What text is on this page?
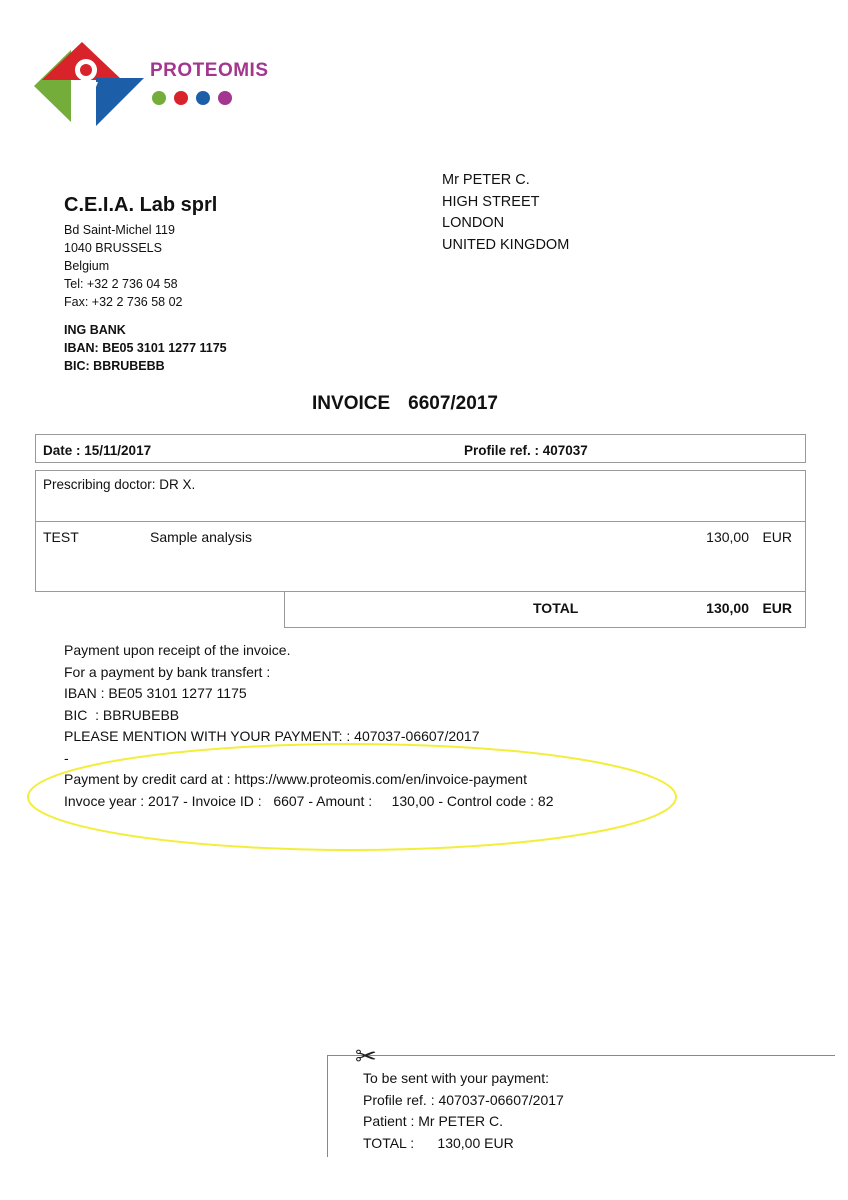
PROTEOMIS
C.E.I.A. Lab sprl
Bd Saint-Michel 119
1040 BRUSSELS
Belgium
Tel: +32 2 736 04 58
Fax: +32 2 736 58 02
ING BANK
IBAN: BE05 3101 1277 1175
BIC: BBRUBEBB
Mr PETER C.
HIGH STREET
LONDON
UNITED KINGDOM
INVOICE 6607/2017
Date : 15/11/2017	Profile ref. : 407037
Prescribing doctor: DR X.
TEST	Sample analysis	130,00 EUR
TOTAL	130,00 EUR
Payment upon receipt of the invoice.
For a payment by bank transfert :
IBAN : BE05 3101 1277 1175
BIC  : BBRUBEBB
PLEASE MENTION WITH YOUR PAYMENT: : 407037-06607/2017
-
Payment by credit card at : https://www.proteomis.com/en/invoice-payment
Invoce year : 2017 - Invoice ID :   6607 - Amount :     130,00 - Control code : 82
✂
To be sent with your payment:
Profile ref. : 407037-06607/2017
Patient : Mr PETER C.
TOTAL :      130,00 EUR
